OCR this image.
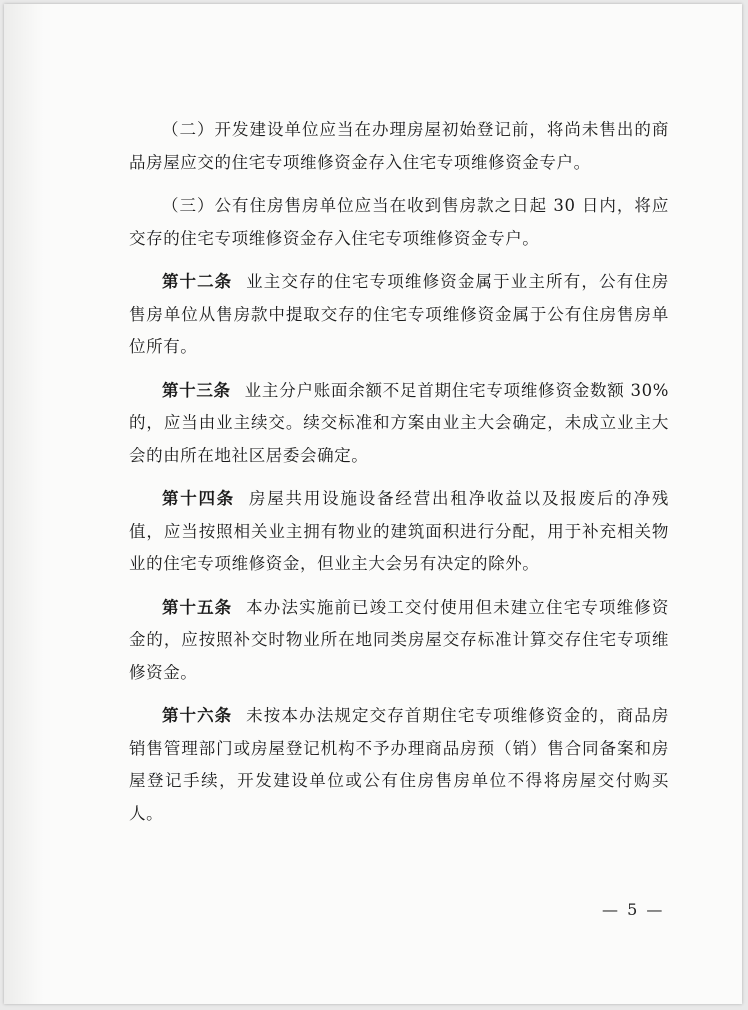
（二）开发建设单位应当在办理房屋初始登记前，将尚未售出的商品房屋应交的住宅专项维修资金存入住宅专项维修资金专户。

（三）公有住房售房单位应当在收到售房款之日起 30 日内，将应交存的住宅专项维修资金存入住宅专项维修资金专户。

第十二条 业主交存的住宅专项维修资金属于业主所有，公有住房售房单位从售房款中提取交存的住宅专项维修资金属于公有住房售房单位所有。

第十三条 业主分户账面余额不足首期住宅专项维修资金数额 30%的，应当由业主续交。续交标准和方案由业主大会确定，未成立业主大会的由所在地社区居委会确定。

第十四条 房屋共用设施设备经营出租净收益以及报废后的净残值，应当按照相关业主拥有物业的建筑面积进行分配，用于补充相关物业的住宅专项维修资金，但业主大会另有决定的除外。

第十五条 本办法实施前已竣工交付使用但未建立住宅专项维修资金的，应按照补交时物业所在地同类房屋交存标准计算交存住宅专项维修资金。

第十六条 未按本办法规定交存首期住宅专项维修资金的，商品房销售管理部门或房屋登记机构不予办理商品房预（销）售合同备案和房屋登记手续，开发建设单位或公有住房售房单位不得将房屋交付购买人。

— 5 —
